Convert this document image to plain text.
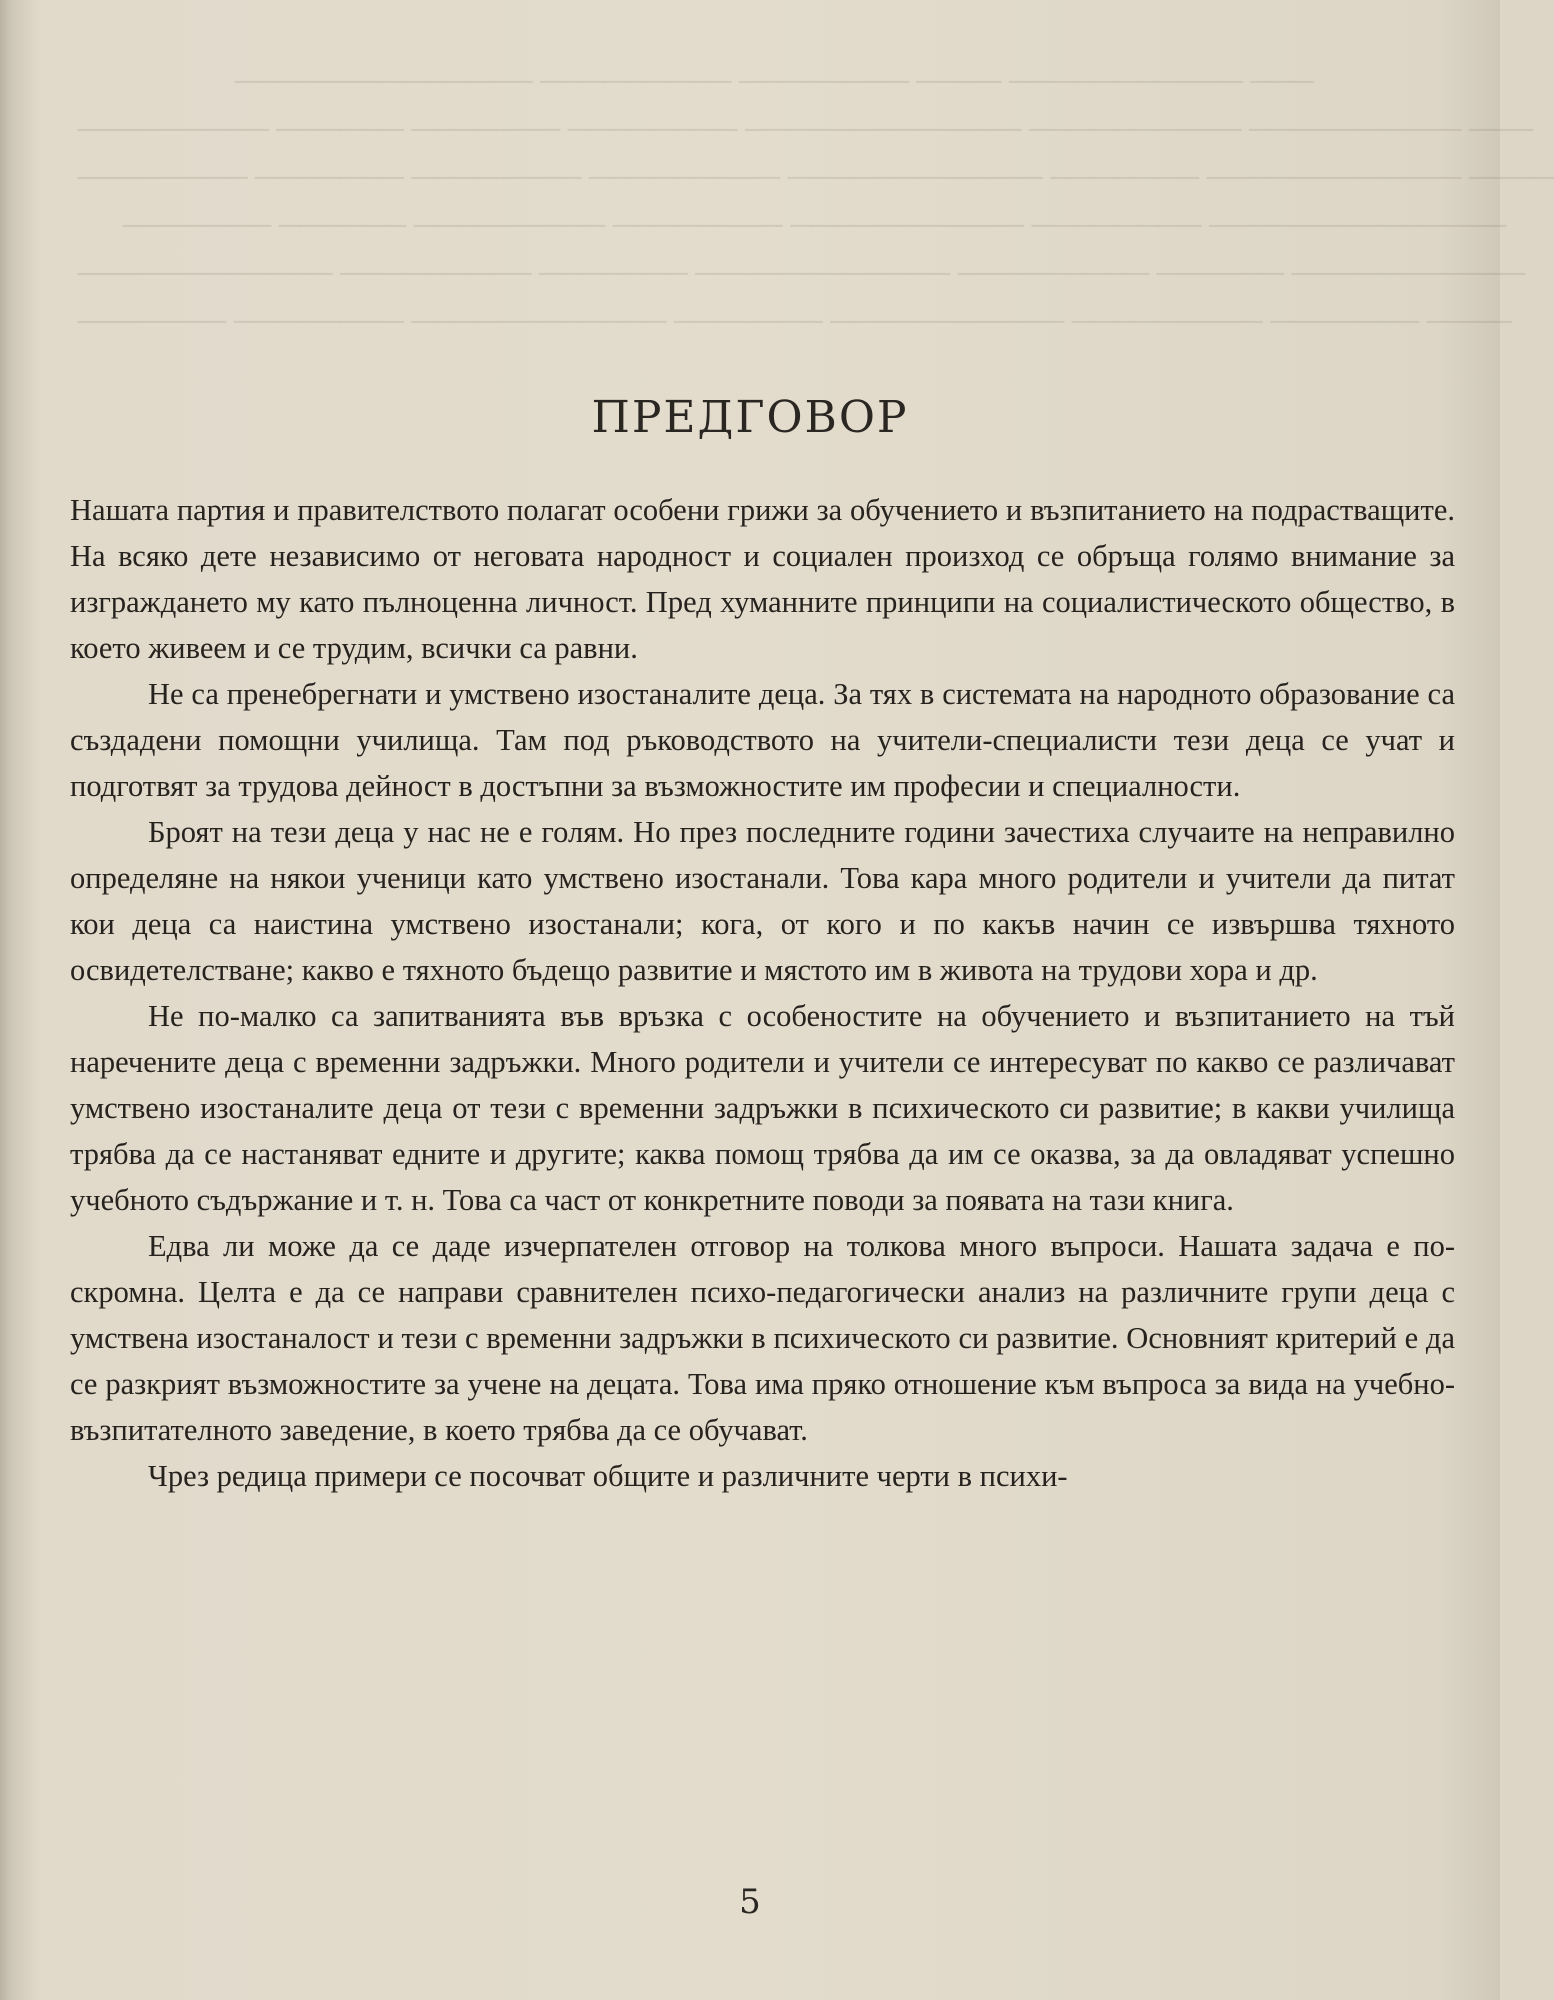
────────────── ───────── ──────── ──── ─────────── ───
───────── ────── ─────── ──────── ───────────── ────────── ────────── ───
──────── ─────── ──────── ───────── ──────────── ─────── ──────────── ────
─────── ────── ───────── ──────── ─────────── ──────── ──────────────
──────────── ───────── ─────── ──────────── ───────── ────── ───────────
─────── ──────── ──────────── ─────── ─────────── ───────── ─────── ────

ПРЕДГОВОР

Нашата партия и правителството полагат особени грижи за обучението и възпитанието на подрастващите. На всяко дете независимо от неговата народност и социален произход се обръща голямо внимание за изграждането му като пълноценна личност. Пред хуманните принципи на социалистическото общество, в което живеем и се трудим, всички са равни.

Не са пренебрегнати и умствено изостаналите деца. За тях в системата на народното образование са създадени помощни училища. Там под ръководството на учители-специалисти тези деца се учат и подготвят за трудова дейност в достъпни за възможностите им професии и специалности.

Броят на тези деца у нас не е голям. Но през последните години зачестиха случаите на неправилно определяне на някои ученици като умствено изостанали. Това кара много родители и учители да питат кои деца са наистина умствено изостанали; кога, от кого и по какъв начин се извършва тяхното освидетелстване; какво е тяхното бъдещо развитие и мястото им в живота на трудови хора и др.

Не по-малко са запитванията във връзка с особеностите на обучението и възпитанието на тъй наречените деца с временни задръжки. Много родители и учители се интересуват по какво се различават умствено изостаналите деца от тези с временни задръжки в психическото си развитие; в какви училища трябва да се настаняват едните и другите; каква помощ трябва да им се оказва, за да овладяват успешно учебното съдържание и т. н. Това са част от конкретните поводи за появата на тази книга.

Едва ли може да се даде изчерпателен отговор на толкова много въпроси. Нашата задача е по-скромна. Целта е да се направи сравнителен психо-педагогически анализ на различните групи деца с умствена изостаналост и тези с временни задръжки в психическото си развитие. Основният критерий е да се разкрият възможностите за учене на децата. Това има пряко отношение към въпроса за вида на учебно-възпитателното заведение, в което трябва да се обучават.

Чрез редица примери се посочват общите и различните черти в психи-

5
